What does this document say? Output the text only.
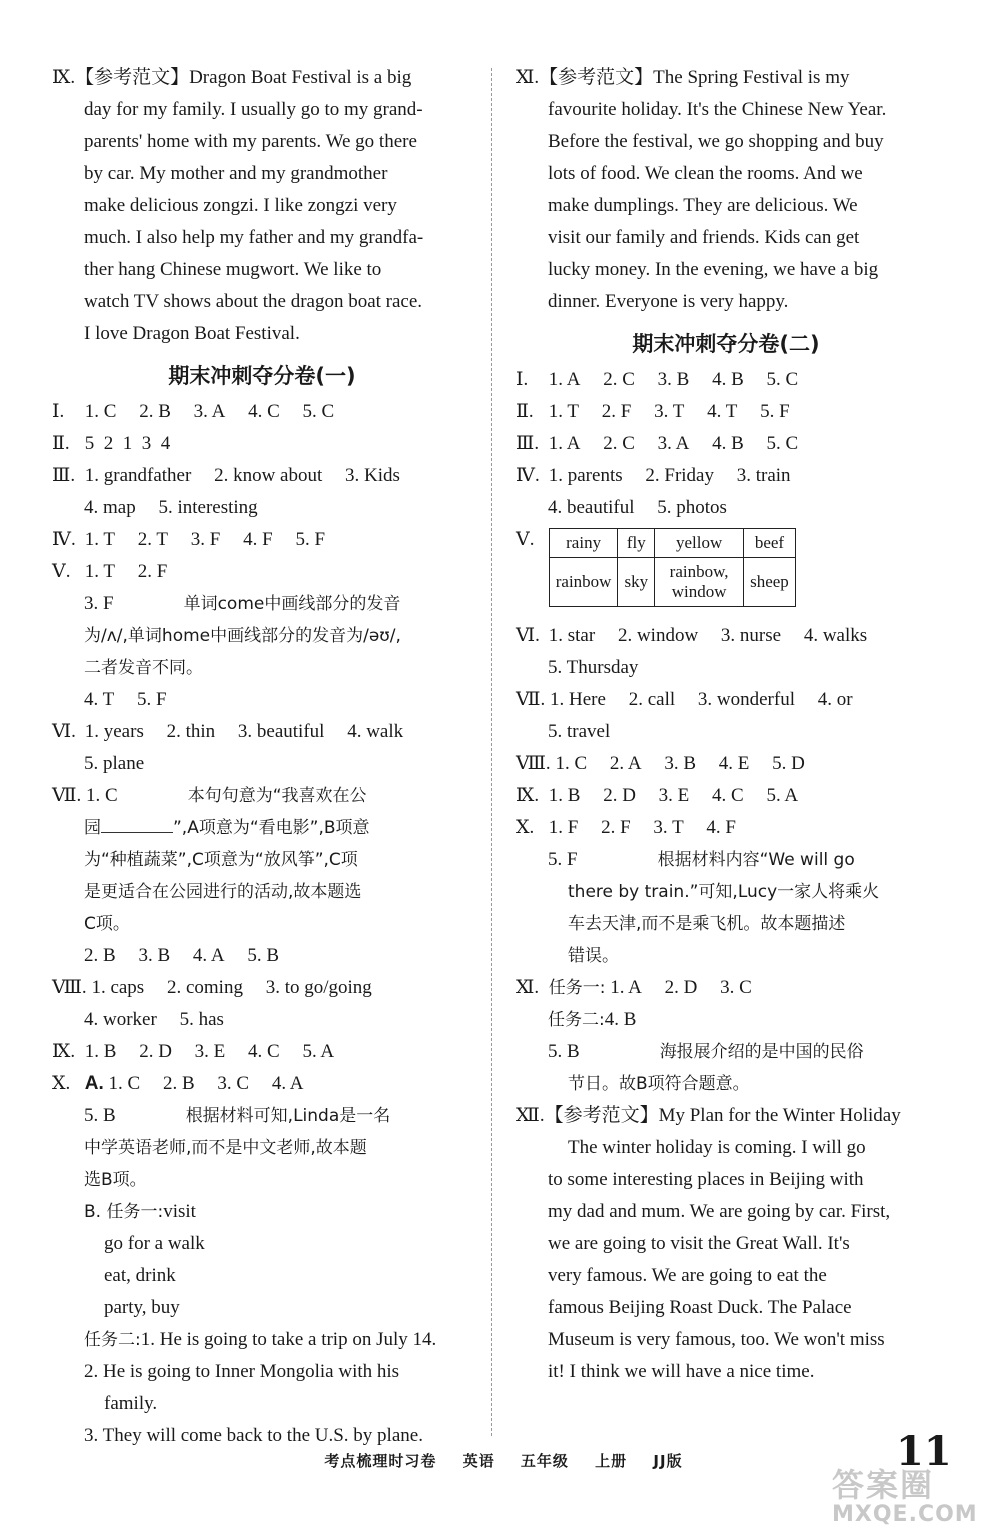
Ⅸ.【参考范文】Dragon Boat Festival is a big
day for my family. I usually go to my grand-
parents' home with my parents. We go there
by car. My mother and my grandmother
make delicious zongzi. I like zongzi very
much. I also help my father and my grandfa-
ther hang Chinese mugwort. We like to
watch TV shows about the dragon boat race.
I love Dragon Boat Festival.
期末冲刺夺分卷(一)
Ⅰ. 1. C 2. B 3. A 4. C 5. C
Ⅱ. 5  2  1  3  4
Ⅲ. 1. grandfather 2. know about 3. Kids
4. map 5. interesting
Ⅳ. 1. T 2. T 3. F 4. F 5. F
Ⅴ. 1. T 2. F
3. F	单词come中画线部分的发音
为/ʌ/,单词home中画线部分的发音为/əʊ/,
二者发音不同。
4. T 5. F
Ⅵ. 1. years 2. thin 3. beautiful 4. walk
5. plane
Ⅶ. 1. C	本句句意为“我喜欢在公
园	”,A项意为“看电影”,B项意
为“种植蔬菜”,C项意为“放风筝”,C项
是更适合在公园进行的活动,故本题选
C项。
2. B 3. B 4. A 5. B
Ⅷ. 1. caps 2. coming 3. to go/going
4. worker 5. has
Ⅸ. 1. B 2. D 3. E 4. C 5. A
Ⅹ. A. 1. C 2. B 3. C 4. A
5. B	根据材料可知,Linda是一名
中学英语老师,而不是中文老师,故本题
选B项。
B. 任务一:visit
go for a walk
eat, drink
party, buy
任务二:1. He is going to take a trip on July 14.
2. He is going to Inner Mongolia with his
family.
3. They will come back to the U.S. by plane.
Ⅺ.【参考范文】The Spring Festival is my
favourite holiday. It's the Chinese New Year.
Before the festival, we go shopping and buy
lots of food. We clean the rooms. And we
make dumplings. They are delicious. We
visit our family and friends. Kids can get
lucky money. In the evening, we have a big
dinner. Everyone is very happy.
期末冲刺夺分卷(二)
Ⅰ. 1. A 2. C 3. B 4. B 5. C
Ⅱ. 1. T 2. F 3. T 4. T 5. F
Ⅲ. 1. A 2. C 3. A 4. B 5. C
Ⅳ. 1. parents 2. Friday 3. train
4. beautiful 5. photos
Ⅴ. rainy	fly	yellow	beef
rainbow	sky	rainbow, window	sheep
Ⅵ. 1. star 2. window 3. nurse 4. walks
5. Thursday
Ⅶ. 1. Here 2. call 3. wonderful 4. or
5. travel
Ⅷ. 1. C 2. A 3. B 4. E 5. D
Ⅸ. 1. B 2. D 3. E 4. C 5. A
Ⅹ. 1. F 2. F 3. T 4. F
5. F	根据材料内容“We will go
there by train.”可知,Lucy一家人将乘火
车去天津,而不是乘飞机。故本题描述
错误。
Ⅺ. 任务一: 1. A 2. D 3. C
任务二:4. B
5. B	海报展介绍的是中国的民俗
节日。故B项符合题意。
Ⅻ.【参考范文】My Plan for the Winter Holiday
The winter holiday is coming. I will go
to some interesting places in Beijing with
my dad and mum. We are going by car. First,
we are going to visit the Great Wall. It's
very famous. We are going to eat the
famous Beijing Roast Duck. The Palace
Museum is very famous, too. We won't miss
it! I think we will have a nice time.
考点梳理时习卷 英语 五年级 上册 JJ版	11
答案圈
MXQE.COM
